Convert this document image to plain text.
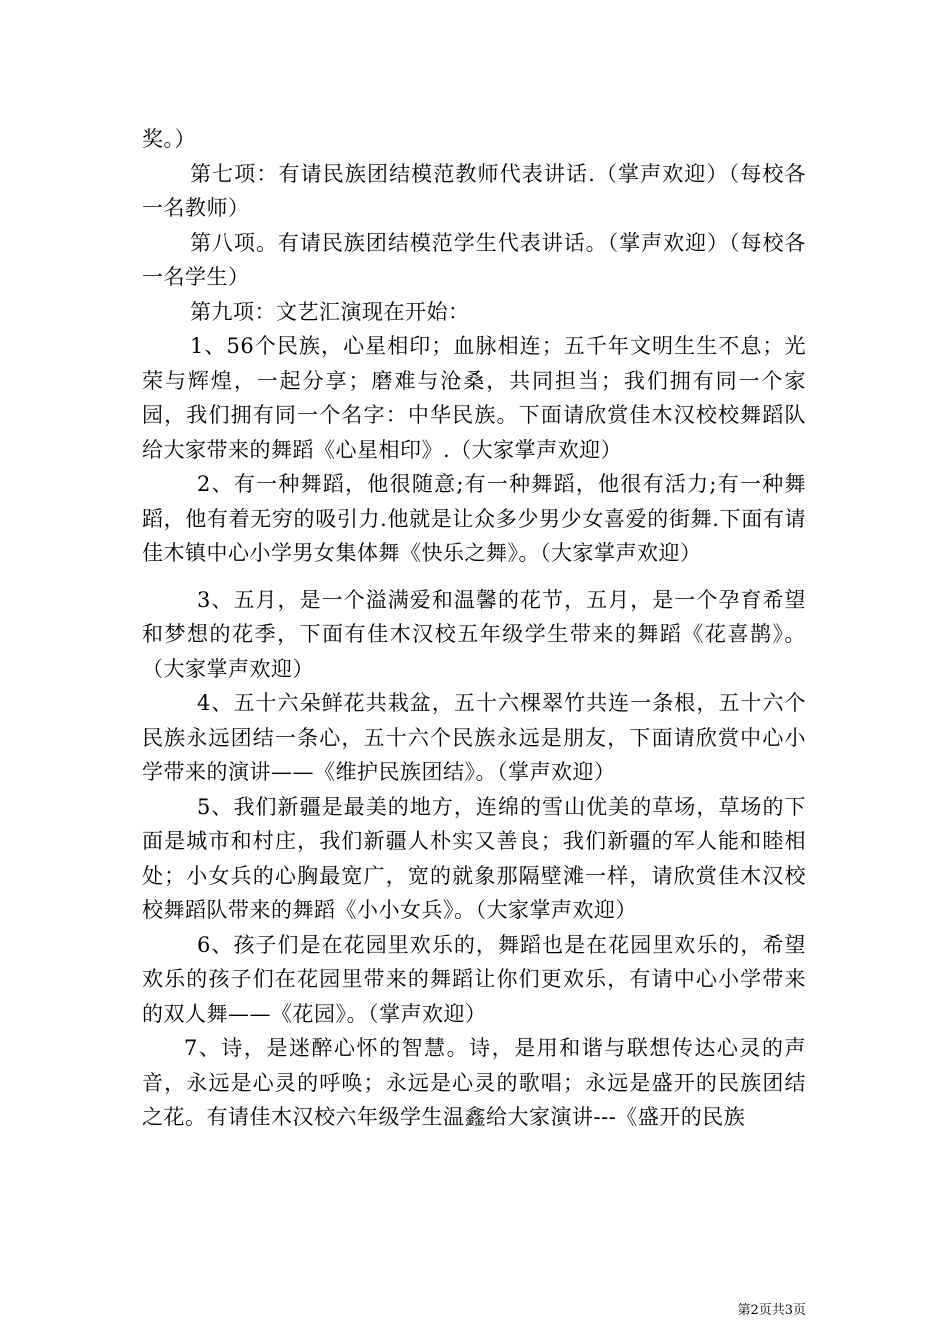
奖。）

第七项：有请民族团结模范教师代表讲话.（掌声欢迎）（每校各一名教师）

第八项。有请民族团结模范学生代表讲话。（掌声欢迎）（每校各一名学生）

第九项：文艺汇演现在开始：

1、56个民族，心星相印；血脉相连；五千年文明生生不息；光荣与辉煌，一起分享；磨难与沧桑，共同担当；我们拥有同一个家园，我们拥有同一个名字：中华民族。下面请欣赏佳木汉校校舞蹈队给大家带来的舞蹈《心星相印》.（大家掌声欢迎）

2、有一种舞蹈，他很随意;有一种舞蹈，他很有活力;有一种舞蹈，他有着无穷的吸引力.他就是让众多少男少女喜爱的街舞.下面有请佳木镇中心小学男女集体舞《快乐之舞》。（大家掌声欢迎）

3、五月，是一个溢满爱和温馨的花节，五月，是一个孕育希望和梦想的花季，下面有佳木汉校五年级学生带来的舞蹈《花喜鹊》。（大家掌声欢迎）

4、五十六朵鲜花共栽盆，五十六棵翠竹共连一条根，五十六个民族永远团结一条心，五十六个民族永远是朋友，下面请欣赏中心小学带来的演讲——《维护民族团结》。（掌声欢迎）

5、我们新疆是最美的地方，连绵的雪山优美的草场，草场的下面是城市和村庄，我们新疆人朴实又善良；我们新疆的军人能和睦相处；小女兵的心胸最宽广，宽的就象那隔壁滩一样，请欣赏佳木汉校校舞蹈队带来的舞蹈《小小女兵》。（大家掌声欢迎）

6、孩子们是在花园里欢乐的，舞蹈也是在花园里欢乐的，希望欢乐的孩子们在花园里带来的舞蹈让你们更欢乐，有请中心小学带来的双人舞——《花园》。（掌声欢迎）

7、诗，是迷醉心怀的智慧。诗，是用和谐与联想传达心灵的声音，永远是心灵的呼唤；永远是心灵的歌唱；永远是盛开的民族团结之花。有请佳木汉校六年级学生温鑫给大家演讲---《盛开的民族

第2页共3页
